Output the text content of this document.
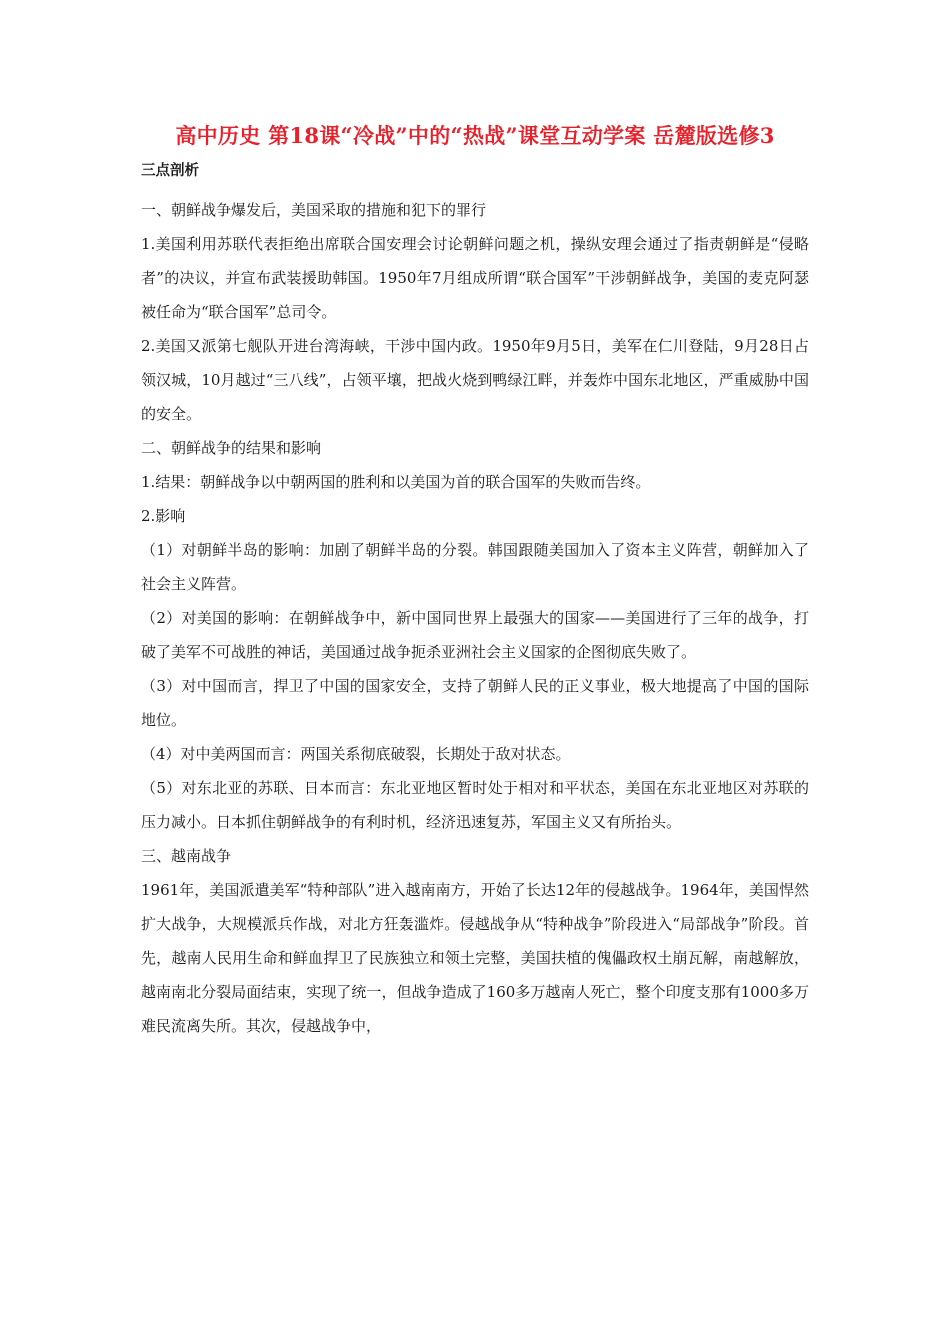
高中历史 第18课“冷战”中的“热战”课堂互动学案 岳麓版选修3
三点剖析

一、朝鲜战争爆发后，美国采取的措施和犯下的罪行

1.美国利用苏联代表拒绝出席联合国安理会讨论朝鲜问题之机，操纵安理会通过了指责朝鲜是“侵略者”的决议，并宣布武装援助韩国。1950年7月组成所谓“联合国军”干涉朝鲜战争，美国的麦克阿瑟被任命为“联合国军”总司令。

2.美国又派第七舰队开进台湾海峡，干涉中国内政。1950年9月5日，美军在仁川登陆，9月28日占领汉城，10月越过“三八线”，占领平壤，把战火烧到鸭绿江畔，并轰炸中国东北地区，严重威胁中国的安全。

二、朝鲜战争的结果和影响

1.结果：朝鲜战争以中朝两国的胜利和以美国为首的联合国军的失败而告终。

2.影响

（1）对朝鲜半岛的影响：加剧了朝鲜半岛的分裂。韩国跟随美国加入了资本主义阵营，朝鲜加入了社会主义阵营。

（2）对美国的影响：在朝鲜战争中，新中国同世界上最强大的国家——美国进行了三年的战争，打破了美军不可战胜的神话，美国通过战争扼杀亚洲社会主义国家的企图彻底失败了。

（3）对中国而言，捍卫了中国的国家安全，支持了朝鲜人民的正义事业，极大地提高了中国的国际地位。

（4）对中美两国而言：两国关系彻底破裂，长期处于敌对状态。

（5）对东北亚的苏联、日本而言：东北亚地区暂时处于相对和平状态，美国在东北亚地区对苏联的压力减小。日本抓住朝鲜战争的有利时机，经济迅速复苏，军国主义又有所抬头。

三、越南战争

1961年，美国派遣美军“特种部队”进入越南南方，开始了长达12年的侵越战争。1964年，美国悍然扩大战争，大规模派兵作战，对北方狂轰滥炸。侵越战争从“特种战争”阶段进入“局部战争”阶段。首先，越南人民用生命和鲜血捍卫了民族独立和领土完整，美国扶植的傀儡政权土崩瓦解，南越解放，越南南北分裂局面结束，实现了统一，但战争造成了160多万越南人死亡，整个印度支那有1000多万难民流离失所。其次，侵越战争中，
